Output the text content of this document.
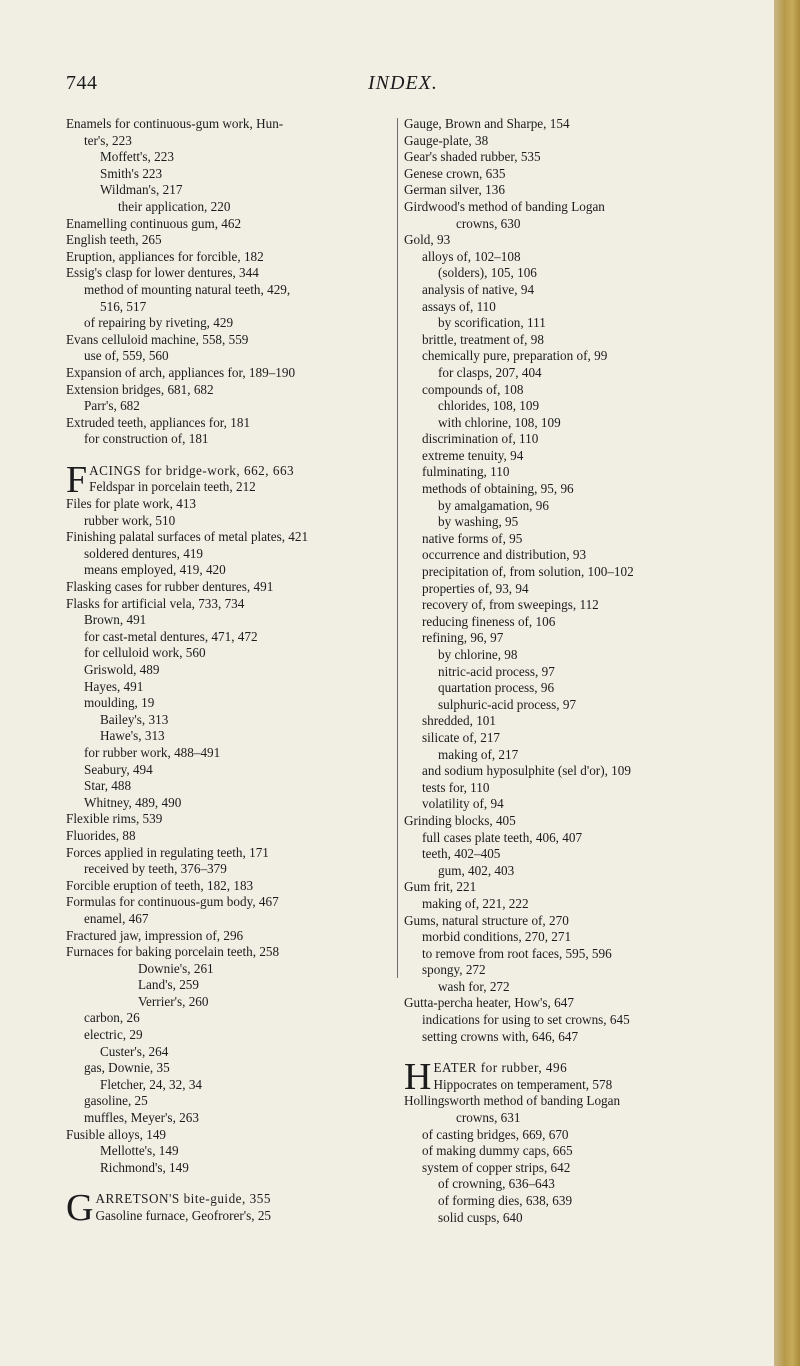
744	INDEX.
Enamels for continuous-gum work, Hun-
ter's, 223
Moffett's, 223
Smith's 223
Wildman's, 217
their application, 220
Enamelling continuous gum, 462
English teeth, 265
Eruption, appliances for forcible, 182
Essig's clasp for lower dentures, 344
method of mounting natural teeth, 429,
516, 517
of repairing by riveting, 429
Evans celluloid machine, 558, 559
use of, 559, 560
Expansion of arch, appliances for, 189–190
Extension bridges, 681, 682
Parr's, 682
Extruded teeth, appliances for, 181
for construction of, 181
FACINGS for bridge-work, 662, 663
Feldspar in porcelain teeth, 212
Files for plate work, 413
rubber work, 510
Finishing palatal surfaces of metal plates, 421
soldered dentures, 419
means employed, 419, 420
Flasking cases for rubber dentures, 491
Flasks for artificial vela, 733, 734
Brown, 491
for cast-metal dentures, 471, 472
for celluloid work, 560
Griswold, 489
Hayes, 491
moulding, 19
Bailey's, 313
Hawe's, 313
for rubber work, 488–491
Seabury, 494
Star, 488
Whitney, 489, 490
Flexible rims, 539
Fluorides, 88
Forces applied in regulating teeth, 171
received by teeth, 376–379
Forcible eruption of teeth, 182, 183
Formulas for continuous-gum body, 467
enamel, 467
Fractured jaw, impression of, 296
Furnaces for baking porcelain teeth, 258
Downie's, 261
Land's, 259
Verrier's, 260
carbon, 26
electric, 29
Custer's, 264
gas, Downie, 35
Fletcher, 24, 32, 34
gasoline, 25
muffles, Meyer's, 263
Fusible alloys, 149
Mellotte's, 149
Richmond's, 149
GARRETSON'S bite-guide, 355
Gasoline furnace, Geofrorer's, 25
Gauge, Brown and Sharpe, 154
Gauge-plate, 38
Gear's shaded rubber, 535
Genese crown, 635
German silver, 136
Girdwood's method of banding Logan
crowns, 630
Gold, 93
alloys of, 102–108
(solders), 105, 106
analysis of native, 94
assays of, 110
by scorification, 111
brittle, treatment of, 98
chemically pure, preparation of, 99
for clasps, 207, 404
compounds of, 108
chlorides, 108, 109
with chlorine, 108, 109
discrimination of, 110
extreme tenuity, 94
fulminating, 110
methods of obtaining, 95, 96
by amalgamation, 96
by washing, 95
native forms of, 95
occurrence and distribution, 93
precipitation of, from solution, 100–102
properties of, 93, 94
recovery of, from sweepings, 112
reducing fineness of, 106
refining, 96, 97
by chlorine, 98
nitric-acid process, 97
quartation process, 96
sulphuric-acid process, 97
shredded, 101
silicate of, 217
making of, 217
and sodium hyposulphite (sel d'or), 109
tests for, 110
volatility of, 94
Grinding blocks, 405
full cases plate teeth, 406, 407
teeth, 402–405
gum, 402, 403
Gum frit, 221
making of, 221, 222
Gums, natural structure of, 270
morbid conditions, 270, 271
to remove from root faces, 595, 596
spongy, 272
wash for, 272
Gutta-percha heater, How's, 647
indications for using to set crowns, 645
setting crowns with, 646, 647
HEATER for rubber, 496
Hippocrates on temperament, 578
Hollingsworth method of banding Logan
crowns, 631
of casting bridges, 669, 670
of making dummy caps, 665
system of copper strips, 642
of crowning, 636–643
of forming dies, 638, 639
solid cusps, 640
